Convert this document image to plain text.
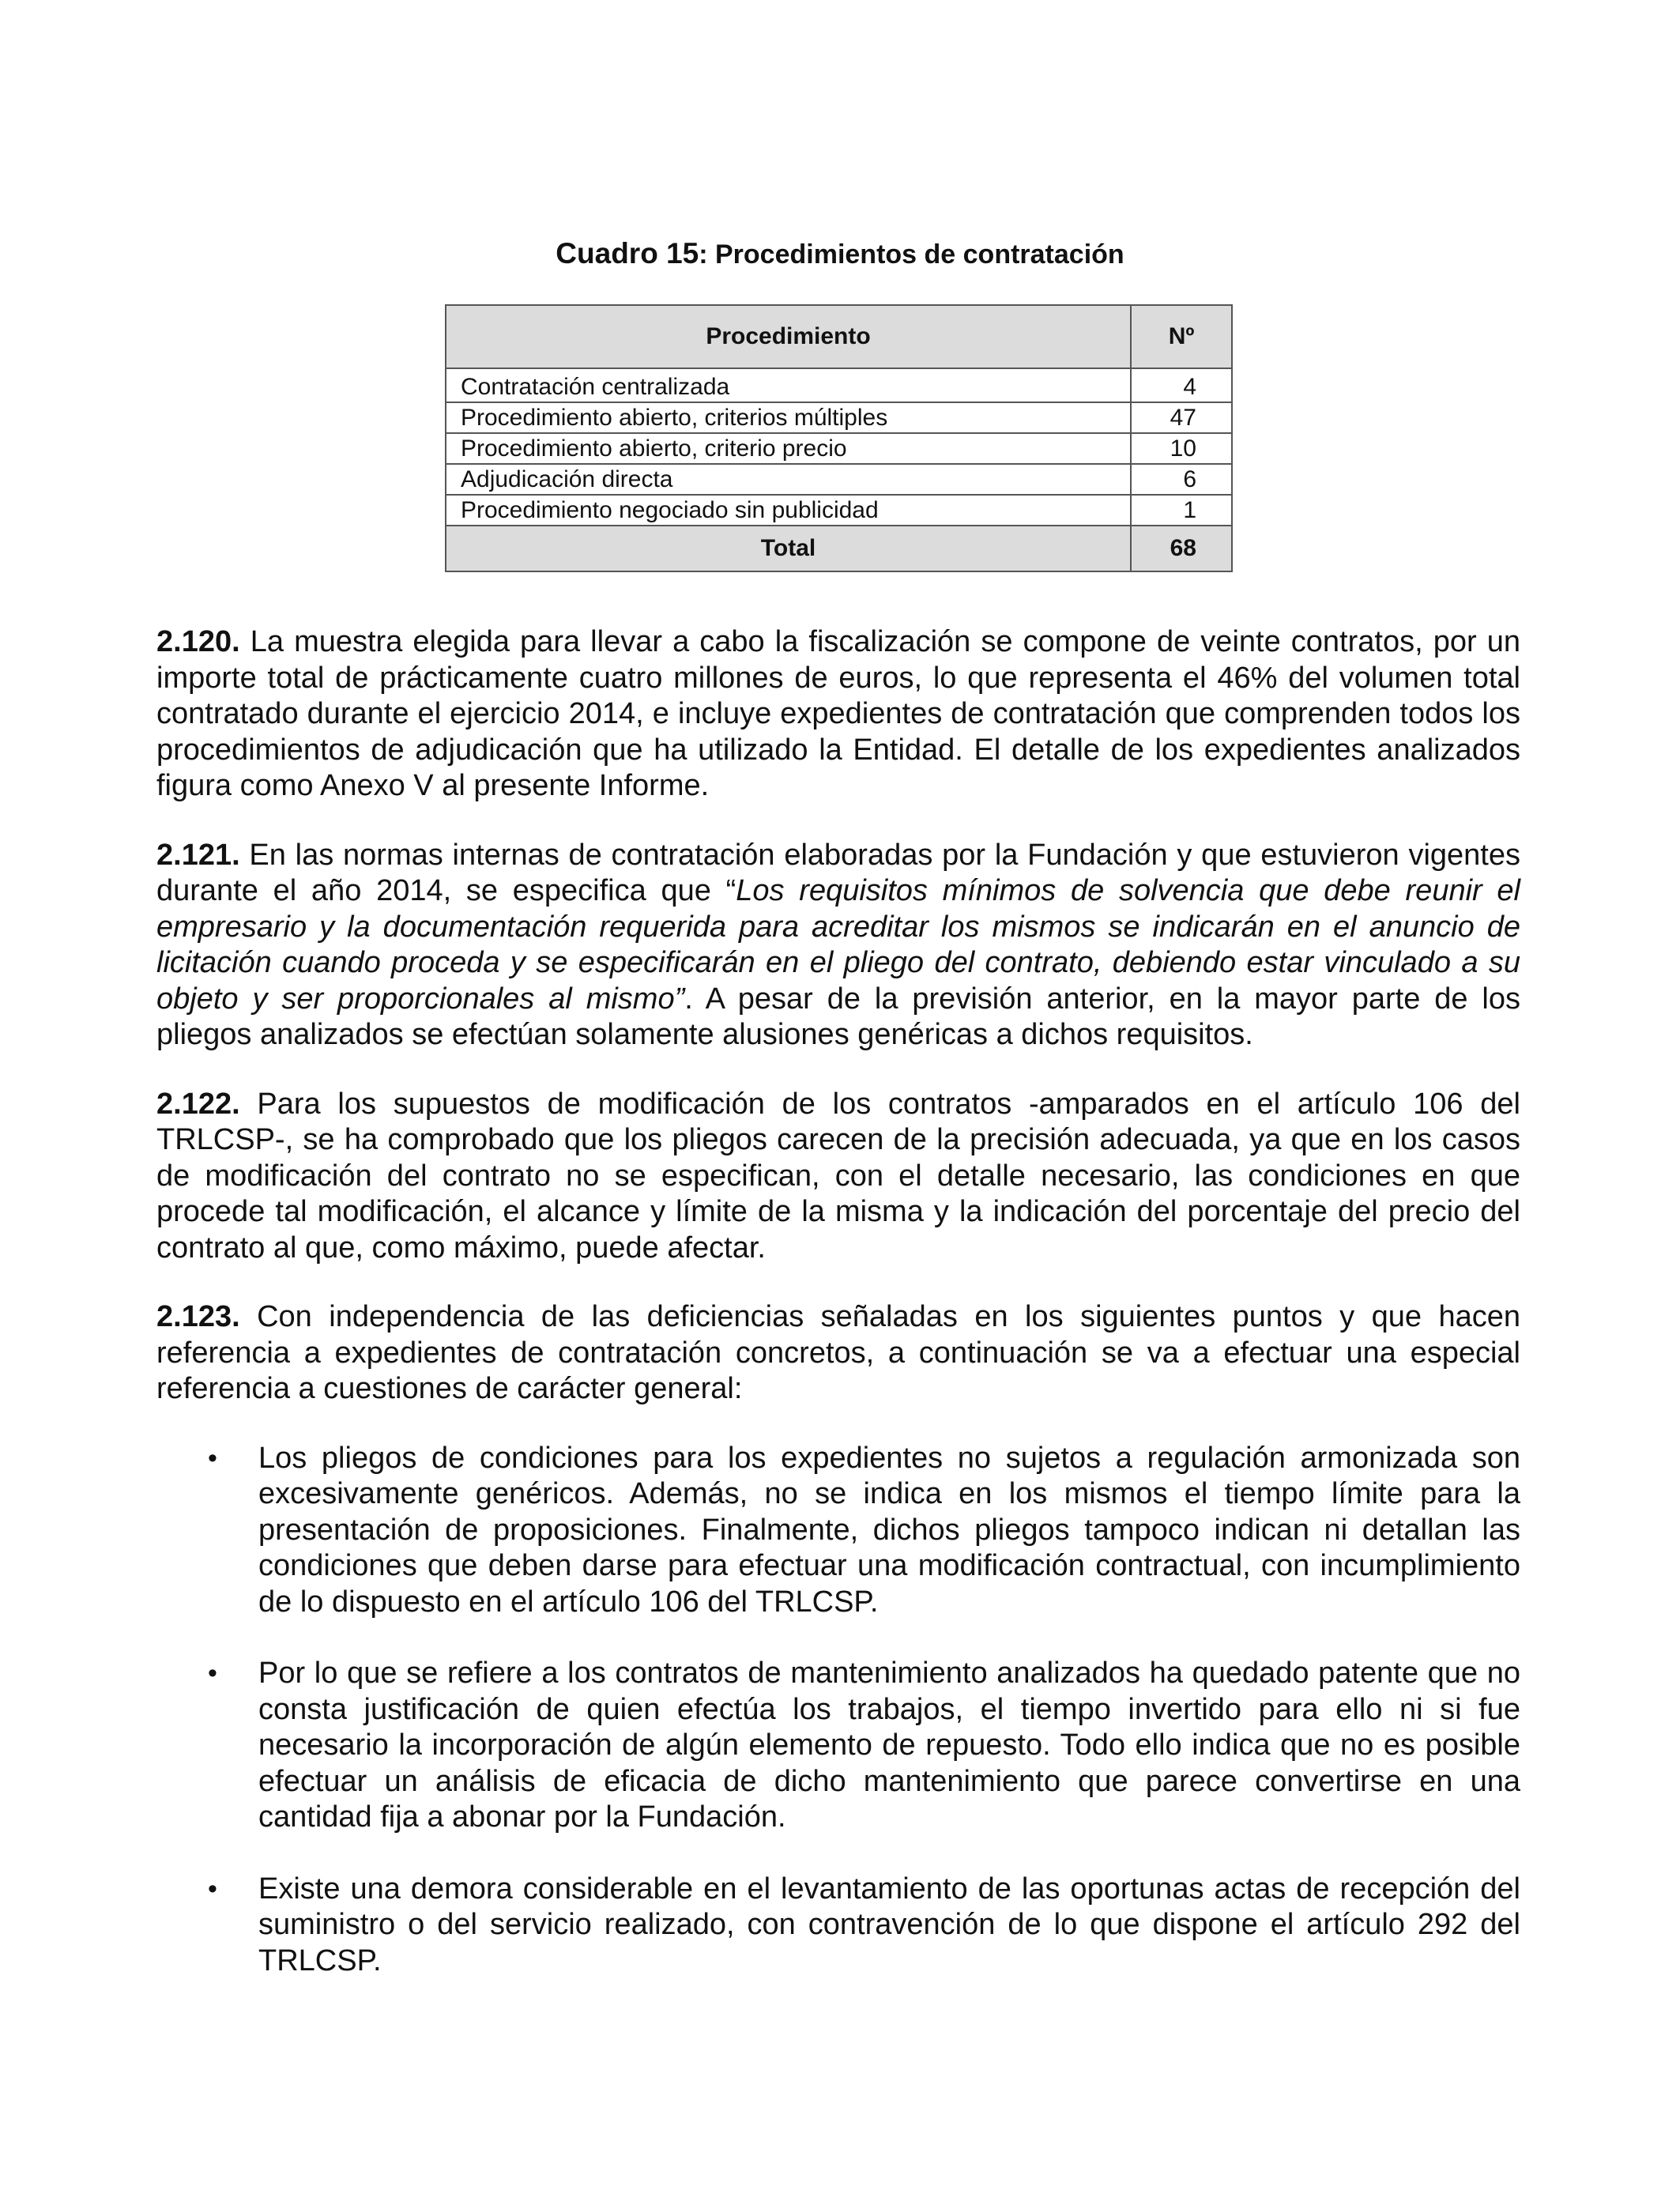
Cuadro 15: Procedimientos de contratación
Procedimiento	Nº
Contratación centralizada	4
Procedimiento abierto, criterios múltiples	47
Procedimiento abierto, criterio precio	10
Adjudicación directa	6
Procedimiento negociado sin publicidad	1
Total	68

2.120. La muestra elegida para llevar a cabo la fiscalización se compone de veinte contratos, por un importe total de prácticamente cuatro millones de euros, lo que representa el 46% del volumen total contratado durante el ejercicio 2014, e incluye expedientes de contratación que comprenden todos los procedimientos de adjudicación que ha utilizado la Entidad. El detalle de los expedientes analizados figura como Anexo V al presente Informe.

2.121. En las normas internas de contratación elaboradas por la Fundación y que estuvieron vigentes durante el año 2014, se especifica que “Los requisitos mínimos de solvencia que debe reunir el empresario y la documentación requerida para acreditar los mismos se indicarán en el anuncio de licitación cuando proceda y se especificarán en el pliego del contrato, debiendo estar vinculado a su objeto y ser proporcionales al mismo”. A pesar de la previsión anterior, en la mayor parte de los pliegos analizados se efectúan solamente alusiones genéricas a dichos requisitos.

2.122. Para los supuestos de modificación de los contratos -amparados en el artículo 106 del TRLCSP-, se ha comprobado que los pliegos carecen de la precisión adecuada, ya que en los casos de modificación del contrato no se especifican, con el detalle necesario, las condiciones en que procede tal modificación, el alcance y límite de la misma y la indicación del porcentaje del precio del contrato al que, como máximo, puede afectar.

2.123. Con independencia de las deficiencias señaladas en los siguientes puntos y que hacen referencia a expedientes de contratación concretos, a continuación se va a efectuar una especial referencia a cuestiones de carácter general:

• Los pliegos de condiciones para los expedientes no sujetos a regulación armonizada son excesivamente genéricos. Además, no se indica en los mismos el tiempo límite para la presentación de proposiciones. Finalmente, dichos pliegos tampoco indican ni detallan las condiciones que deben darse para efectuar una modificación contractual, con incumplimiento de lo dispuesto en el artículo 106 del TRLCSP.
• Por lo que se refiere a los contratos de mantenimiento analizados ha quedado patente que no consta justificación de quien efectúa los trabajos, el tiempo invertido para ello ni si fue necesario la incorporación de algún elemento de repuesto. Todo ello indica que no es posible efectuar un análisis de eficacia de dicho mantenimiento que parece convertirse en una cantidad fija a abonar por la Fundación.
• Existe una demora considerable en el levantamiento de las oportunas actas de recepción del suministro o del servicio realizado, con contravención de lo que dispone el artículo 292 del TRLCSP.
